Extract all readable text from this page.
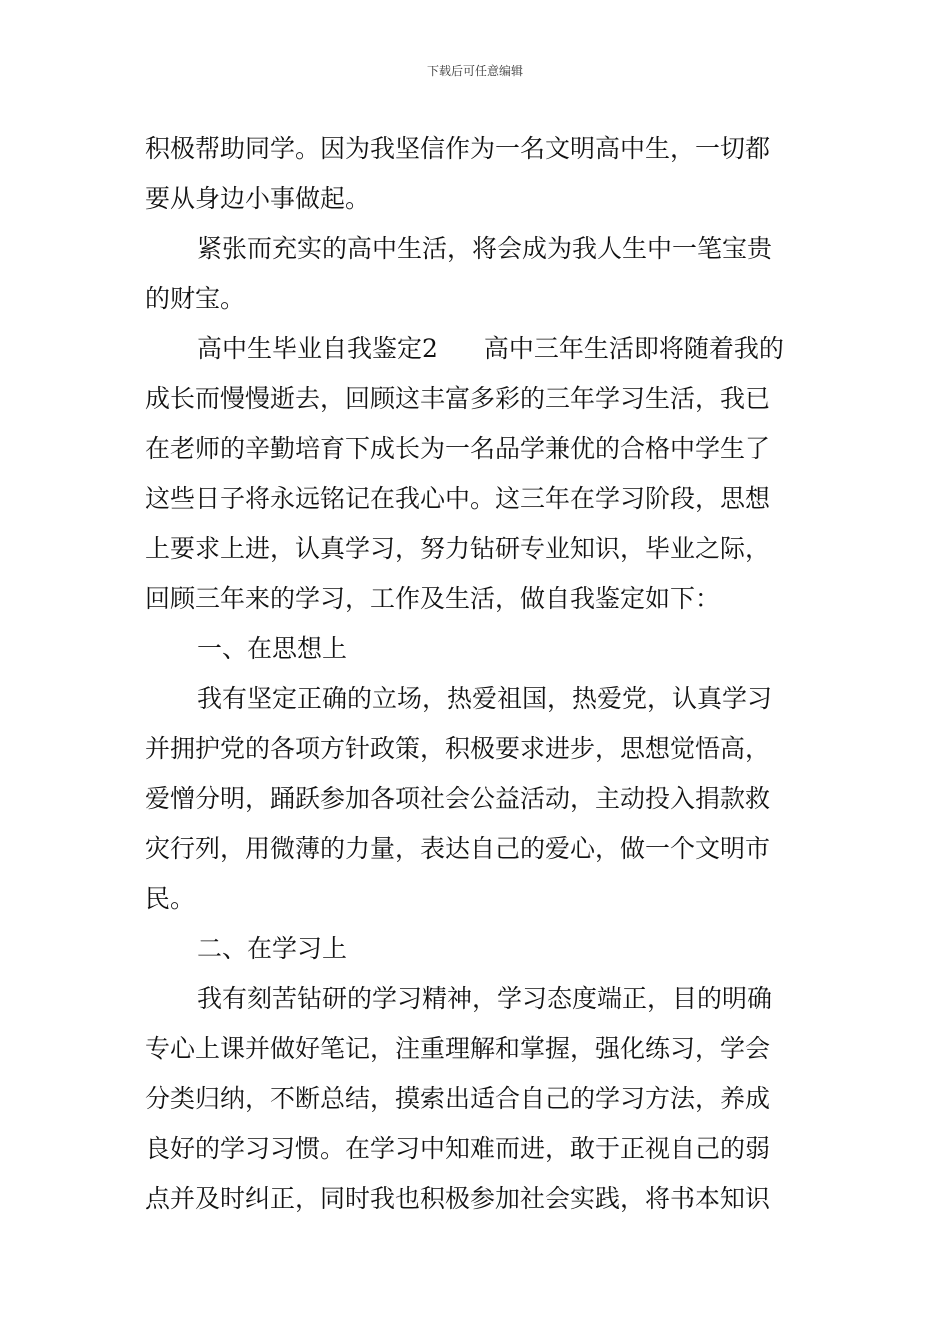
下载后可任意编辑
积极帮助同学。因为我坚信作为一名文明高中生，一切都
要从身边小事做起。
紧张而充实的高中生活，将会成为我人生中一笔宝贵
的财宝。
高中生毕业自我鉴定2 高中三年生活即将随着我的
成长而慢慢逝去，回顾这丰富多彩的三年学习生活，我已
在老师的辛勤培育下成长为一名品学兼优的合格中学生了
这些日子将永远铭记在我心中。这三年在学习阶段，思想
上要求上进，认真学习，努力钻研专业知识，毕业之际，
回顾三年来的学习，工作及生活，做自我鉴定如下：
一、在思想上
我有坚定正确的立场，热爱祖国，热爱党，认真学习
并拥护党的各项方针政策，积极要求进步，思想觉悟高，
爱憎分明，踊跃参加各项社会公益活动，主动投入捐款救
灾行列，用微薄的力量，表达自己的爱心，做一个文明市
民。
二、在学习上
我有刻苦钻研的学习精神，学习态度端正，目的明确
专心上课并做好笔记，注重理解和掌握，强化练习，学会
分类归纳，不断总结，摸索出适合自己的学习方法，养成
良好的学习习惯。在学习中知难而进，敢于正视自己的弱
点并及时纠正，同时我也积极参加社会实践，将书本知识
